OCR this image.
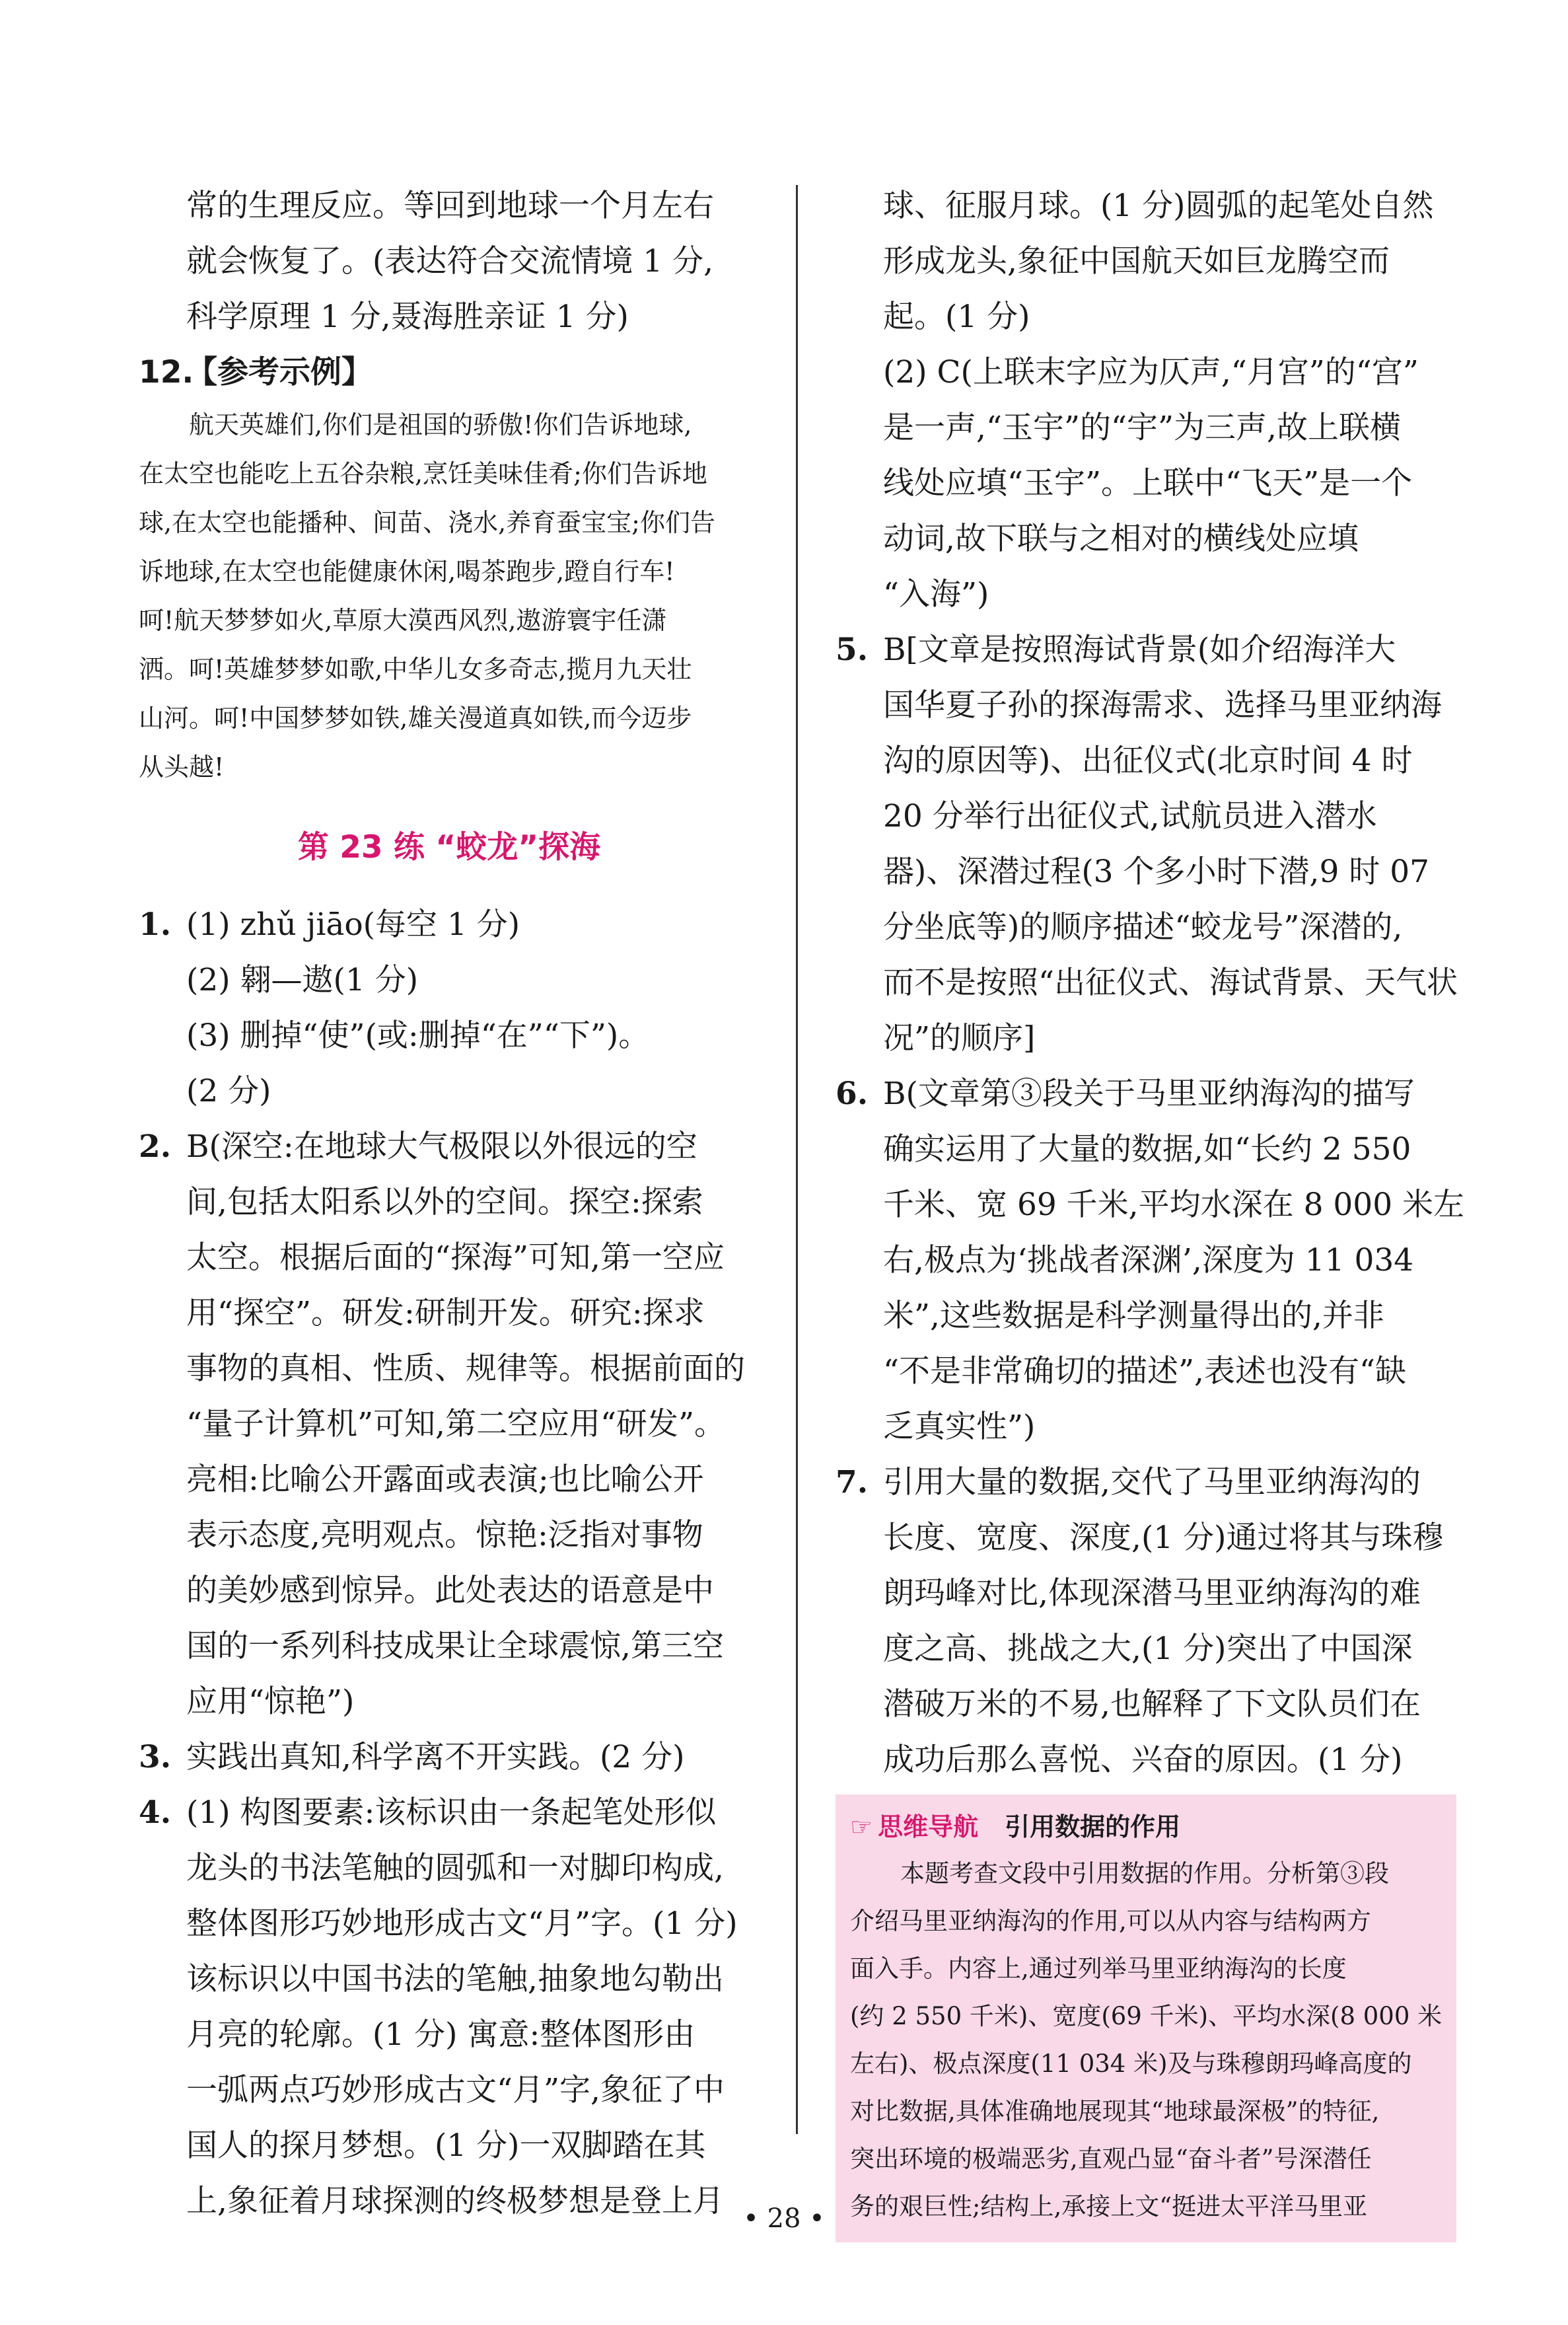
常的生理反应。等回到地球一个月左右
就会恢复了。(表达符合交流情境 1 分,
科学原理 1 分,聂海胜亲证 1 分)
12.【参考示例】
航天英雄们,你们是祖国的骄傲!你们告诉地球,
在太空也能吃上五谷杂粮,烹饪美味佳肴;你们告诉地
球,在太空也能播种、间苗、浇水,养育蚕宝宝;你们告
诉地球,在太空也能健康休闲,喝茶跑步,蹬自行车!
呵!航天梦梦如火,草原大漠西风烈,遨游寰宇任潇
洒。呵!英雄梦梦如歌,中华儿女多奇志,揽月九天壮
山河。呵!中国梦梦如铁,雄关漫道真如铁,而今迈步
从头越!
第 23 练 “蛟龙”探海
1. (1) zhǔ jiāo(每空 1 分)
(2) 翱—遨(1 分)
(3) 删掉“使”(或:删掉“在”“下”)。
(2 分)
2. B(深空:在地球大气极限以外很远的空
间,包括太阳系以外的空间。探空:探索
太空。根据后面的“探海”可知,第一空应
用“探空”。研发:研制开发。研究:探求
事物的真相、性质、规律等。根据前面的
“量子计算机”可知,第二空应用“研发”。
亮相:比喻公开露面或表演;也比喻公开
表示态度,亮明观点。惊艳:泛指对事物
的美妙感到惊异。此处表达的语意是中
国的一系列科技成果让全球震惊,第三空
应用“惊艳”)
3. 实践出真知,科学离不开实践。(2 分)
4. (1) 构图要素:该标识由一条起笔处形似
龙头的书法笔触的圆弧和一对脚印构成,
整体图形巧妙地形成古文“月”字。(1 分)
该标识以中国书法的笔触,抽象地勾勒出
月亮的轮廓。(1 分) 寓意:整体图形由
一弧两点巧妙形成古文“月”字,象征了中
国人的探月梦想。(1 分)一双脚踏在其
上,象征着月球探测的终极梦想是登上月
球、征服月球。(1 分)圆弧的起笔处自然
形成龙头,象征中国航天如巨龙腾空而
起。(1 分)
(2) C(上联末字应为仄声,“月宫”的“宫”
是一声,“玉宇”的“宇”为三声,故上联横
线处应填“玉宇”。上联中“飞天”是一个
动词,故下联与之相对的横线处应填
“入海”)
5. B[文章是按照海试背景(如介绍海洋大
国华夏子孙的探海需求、选择马里亚纳海
沟的原因等)、出征仪式(北京时间 4 时
20 分举行出征仪式,试航员进入潜水
器)、深潜过程(3 个多小时下潜,9 时 07
分坐底等)的顺序描述“蛟龙号”深潜的,
而不是按照“出征仪式、海试背景、天气状
况”的顺序]
6. B(文章第③段关于马里亚纳海沟的描写
确实运用了大量的数据,如“长约 2 550
千米、宽 69 千米,平均水深在 8 000 米左
右,极点为‘挑战者深渊’,深度为 11 034
米”,这些数据是科学测量得出的,并非
“不是非常确切的描述”,表述也没有“缺
乏真实性”)
7. 引用大量的数据,交代了马里亚纳海沟的
长度、宽度、深度,(1 分)通过将其与珠穆
朗玛峰对比,体现深潜马里亚纳海沟的难
度之高、挑战之大,(1 分)突出了中国深
潜破万米的不易,也解释了下文队员们在
成功后那么喜悦、兴奋的原因。(1 分)
☞ 思维导航 引用数据的作用
本题考查文段中引用数据的作用。分析第③段
介绍马里亚纳海沟的作用,可以从内容与结构两方
面入手。内容上,通过列举马里亚纳海沟的长度
(约 2 550 千米)、宽度(69 千米)、平均水深(8 000 米
左右)、极点深度(11 034 米)及与珠穆朗玛峰高度的
对比数据,具体准确地展现其“地球最深极”的特征,
突出环境的极端恶劣,直观凸显“奋斗者”号深潜任
务的艰巨性;结构上,承接上文“挺进太平洋马里亚
• 28 •
